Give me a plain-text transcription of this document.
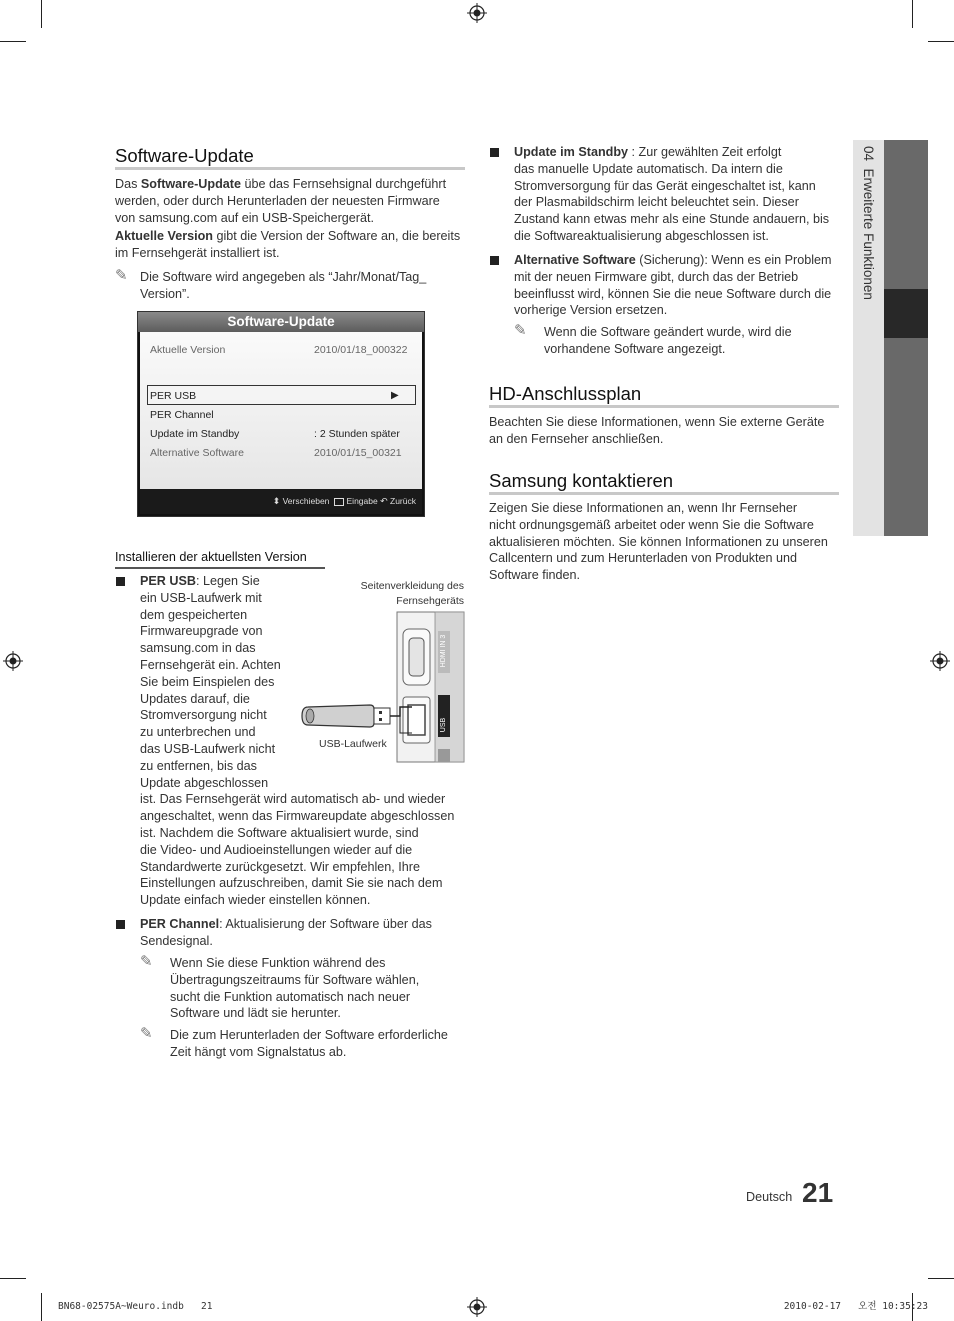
04  Erweiterte Funktionen
Software-Update
Das Software-Update übe das Fernsehsignal durchgeführt
werden, oder durch Herunterladen der neuesten Firmware
von samsung.com auf ein USB-Speichergerät.
Aktuelle Version gibt die Version der Software an, die bereits
im Fernsehgerät installiert ist.
✎ Die Software wird angegeben als “Jahr/Monat/Tag_
Version”.
Software-Update
Aktuelle Version	2010/01/18_000322
PER USB	▶
PER Channel
Update im Standby	: 2 Stunden später
Alternative Software	2010/01/15_00321
⬍ Verschieben Eingabe ↶ Zurück
Installieren der aktuellsten Version
PER USB: Legen Sie
ein USB-Laufwerk mit
dem gespeicherten
Firmwareupgrade von
samsung.com in das
Fernsehgerät ein. Achten
Sie beim Einspielen des
Updates darauf, die
Stromversorgung nicht
zu unterbrechen und
das USB-Laufwerk nicht
zu entfernen, bis das
Update abgeschlossen
ist. Das Fernsehgerät wird automatisch ab- und wieder
angeschaltet, wenn das Firmwareupdate abgeschlossen
ist. Nachdem die Software aktualisiert wurde, sind
die Video- und Audioeinstellungen wieder auf die
Standardwerte zurückgesetzt. Wir empfehlen, Ihre
Einstellungen aufzuschreiben, damit Sie sie nach dem
Update einfach wieder einstellen können.
Seitenverkleidung des
Fernsehgeräts
HDMI IN 3
USB
USB-Laufwerk
PER Channel: Aktualisierung der Software über das
Sendesignal.
✎ Wenn Sie diese Funktion während des
Übertragungszeitraums für Software wählen,
sucht die Funktion automatisch nach neuer
Software und lädt sie herunter.
✎ Die zum Herunterladen der Software erforderliche
Zeit hängt vom Signalstatus ab.
Update im Standby : Zur gewählten Zeit erfolgt
das manuelle Update automatisch. Da intern die
Stromversorgung für das Gerät eingeschaltet ist, kann
der Plasmabildschirm leicht beleuchtet sein. Dieser
Zustand kann etwas mehr als eine Stunde andauern, bis
die Softwareaktualisierung abgeschlossen ist.
Alternative Software (Sicherung): Wenn es ein Problem
mit der neuen Firmware gibt, durch das der Betrieb
beeinflusst wird, können Sie die neue Software durch die
vorherige Version ersetzen.
✎ Wenn die Software geändert wurde, wird die
vorhandene Software angezeigt.
HD-Anschlussplan
Beachten Sie diese Informationen, wenn Sie externe Geräte
an den Fernseher anschließen.
Samsung kontaktieren
Zeigen Sie diese Informationen an, wenn Ihr Fernseher
nicht ordnungsgemäß arbeitet oder wenn Sie die Software
aktualisieren möchten. Sie können Informationen zu unseren
Callcentern und zum Herunterladen von Produkten und
Software finden.
Deutsch 21
BN68-02575A~Weuro.indb   21	2010-02-17   오전 10:35:23
